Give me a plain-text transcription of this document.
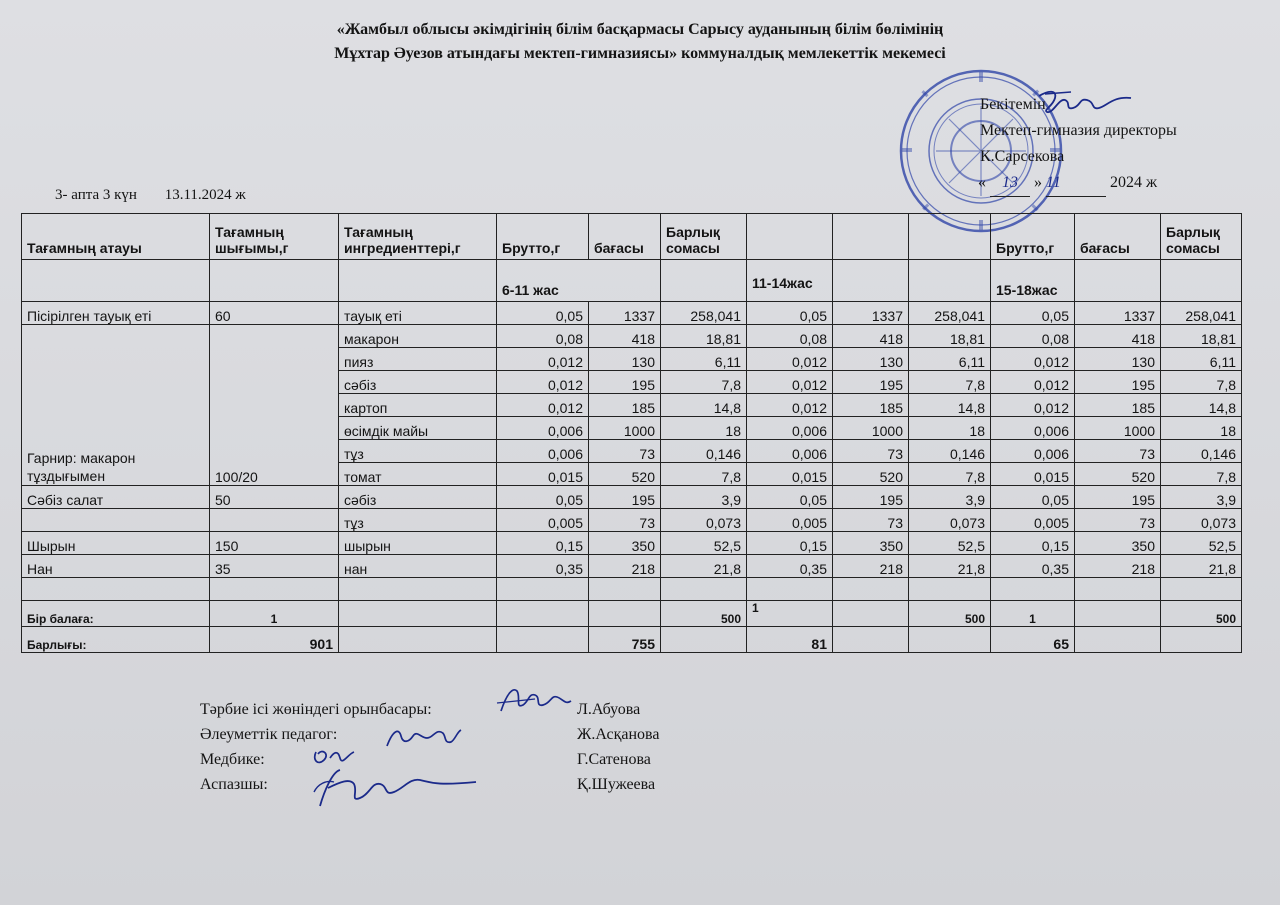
«Жамбыл облысы әкімдігінің білім басқармасы Сарысу ауданының білім бөлімінің
Мұхтар Әуезов атындағы мектеп-гимназиясы» коммуналдық мемлекеттік мекемесі
Бекітемін
Мектеп-гимназия директоры
К.Сарсекова
« 13 » 11	2024 ж
3- апта 3 күн 13.11.2024 ж
Тағамның атауы	Тағамның шығымы,г	Тағамның ингредиенттері,г	Брутто,г	бағасы	Барлық сомасы				Брутто,г	бағасы	Барлық сомасы
			6-11 жас			11-14жас			15-18жас		
Пісірілген тауық еті	60	тауық еті	0,05	1337	258,041	0,05	1337	258,041	0,05	1337	258,041
Гарнир: макарон тұздығымен	100/20	макарон	0,08	418	18,81	0,08	418	18,81	0,08	418	18,81
		пияз	0,012	130	6,11	0,012	130	6,11	0,012	130	6,11
		сәбіз	0,012	195	7,8	0,012	195	7,8	0,012	195	7,8
		картоп	0,012	185	14,8	0,012	185	14,8	0,012	185	14,8
		өсімдік майы	0,006	1000	18	0,006	1000	18	0,006	1000	18
		тұз	0,006	73	0,146	0,006	73	0,146	0,006	73	0,146
		томат	0,015	520	7,8	0,015	520	7,8	0,015	520	7,8
Сәбіз салат	50	сәбіз	0,05	195	3,9	0,05	195	3,9	0,05	195	3,9
		тұз	0,005	73	0,073	0,005	73	0,073	0,005	73	0,073
Шырын	150	шырын	0,15	350	52,5	0,15	350	52,5	0,15	350	52,5
Нан	35	нан	0,35	218	21,8	0,35	218	21,8	0,35	218	21,8

Бір балаға:	1				500	1		500	1		500
Барлығы:	901			755		81			65		
Тәрбие ісі жөніндегі орынбасары:	Л.Абуова
Әлеуметтік педагог:	Ж.Асқанова
Медбике:	Г.Сатенова
Аспазшы:	Қ.Шужеева
